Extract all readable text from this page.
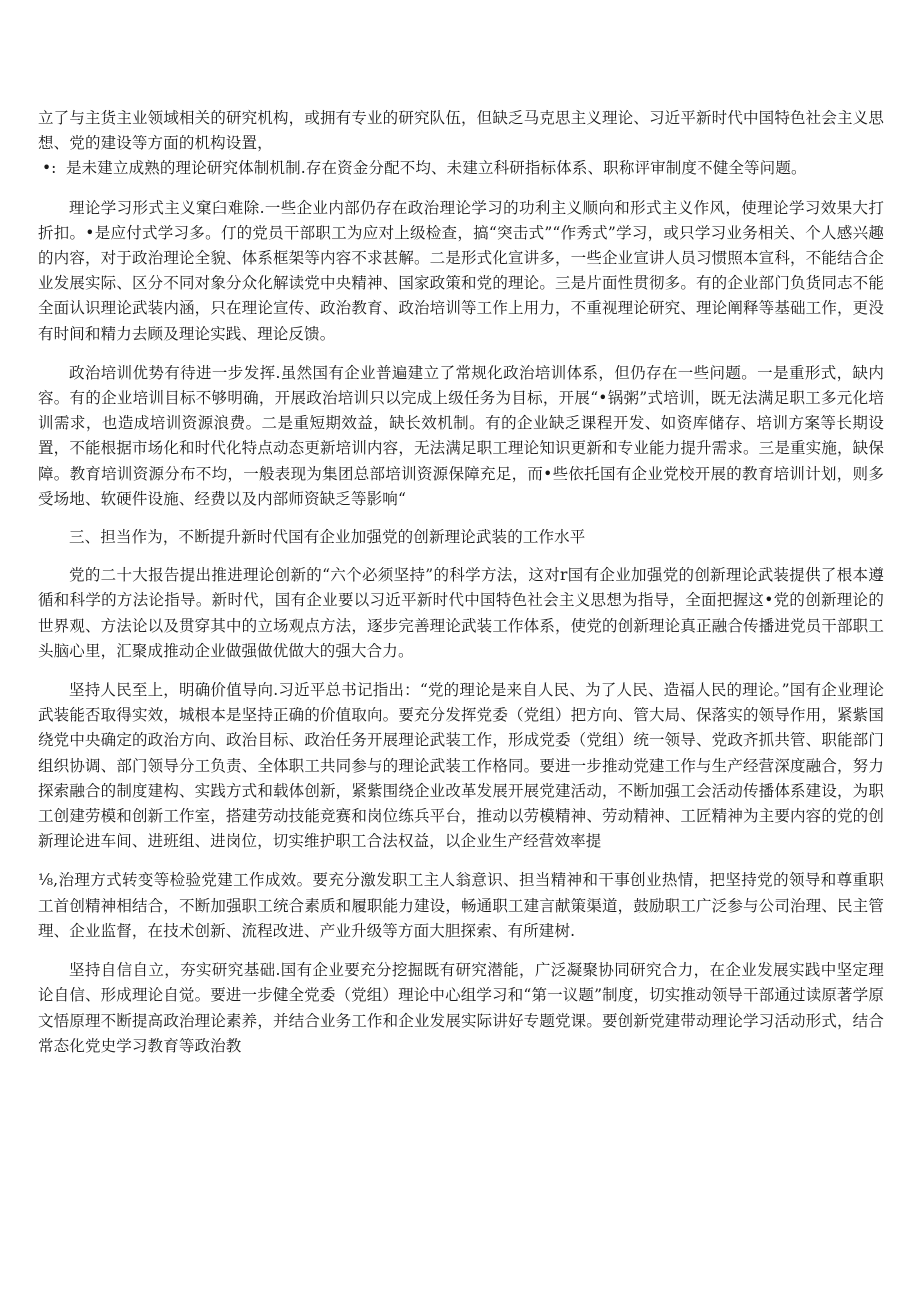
立了与主货主业领域相关的研究机构，或拥有专业的研究队伍，但缺乏马克思主义理论、习近平新时代中国特色社会主义思想、党的建设等方面的机构设置，

•: 是未建立成熟的理论研究体制机制.存在资金分配不均、未建立科研指标体系、职称评审制度不健全等问题。

理论学习形式主义窠臼难除.一些企业内部仍存在政治理论学习的功利主义顺向和形式主义作风，使理论学习效果大打折扣。•是应付式学习多。仃的党员干部职工为应对上级检查，搞“突击式”“作秀式”学习，或只学习业务相关、个人感兴趣的内容，对于政治理论全貌、体系框架等内容不求甚解。二是形式化宣讲多，一些企业宣讲人员习惯照本宣科，不能结合企业发展实际、区分不同对象分众化解读党中央精神、国家政策和党的理论。三是片面性贯彻多。有的企业部门负货同志不能全面认识理论武装内涵，只在理论宣传、政治教育、政治培训等工作上用力，不重视理论研究、理论阐释等基础工作，更没有时间和精力去顾及理论实践、理论反馈。

政治培训优势有待进一步发挥.虽然国有企业普遍建立了常规化政治培训体系，但仍存在一些问题。一是重形式，缺内容。有的企业培训目标不够明确，开展政治培训只以完成上级任务为目标，开展“•锅粥”式培训，既无法满足职工多元化培训需求，也造成培训资源浪费。二是重短期效益，缺长效机制。有的企业缺乏课程开发、如资库储存、培训方案等长期设置，不能根据市场化和时代化特点动态更新培训内容，无法满足职工理论知识更新和专业能力提升需求。三是重实施，缺保障。教育培训资源分布不均，一般表现为集团总部培训资源保障充足，而•些依托国有企业党校开展的教育培训计划，则多受场地、软硬件设施、经费以及内部师资缺乏等影响“

三、担当作为，不断提升新时代国有企业加强党的创新理论武装的工作水平

党的二十大报告提出推进理论创新的“六个必须坚持”的科学方法，这对r国有企业加强党的创新理论武装提供了根本遵循和科学的方法论指导。新时代，国有企业要以习近平新时代中国特色社会主义思想为指导，全面把握这•党的创新理论的世界观、方法论以及贯穿其中的立场观点方法，逐步完善理论武装工作体系，使党的创新理论真正融合传播进党员干部职工头脑心里，汇聚成推动企业做强做优做大的强大合力。

坚持人民至上，明确价值导向.习近平总书记指出：“党的理论是来自人民、为了人民、造福人民的理论。”国有企业理论武装能否取得实效，城根本是坚持正确的价值取向。要充分发挥党委（党组）把方向、管大局、保落实的领导作用，紧紫国绕党中央确定的政治方向、政治目标、政治任务开展理论武装工作，形成党委（党组）统一领导、党政齐抓共管、职能部门组织协调、部门领导分工负责、全体职工共同参与的理论武装工作格同。要进一步推动党建工作与生产经营深度融合，努力探索融合的制度建构、实践方式和载体创新，紧紫围绕企业改革发展开展党建活动，不断加强工会活动传播体系建设，为职工创建劳模和创新工作室，搭建劳动技能竞赛和岗位练兵平台，推动以劳模精神、劳动精神、工匠精神为主要内容的党的创新理论进车间、进班组、进岗位，切实维护职工合法权益，以企业生产经营效率提

⅛,治理方式转变等检验党建工作成效。要充分激发职工主人翁意识、担当精神和干事创业热情，把坚持党的领导和尊重职工首创精神相结合，不断加强职工统合素质和履职能力建设，畅通职工建言献策渠道，鼓励职工广泛参与公司治理、民主管理、企业监督，在技术创新、流程改进、产业升级等方面大胆探索、有所建树.

坚持自信自立，夯实研究基础.国有企业要充分挖掘既有研究潜能，广泛凝聚协同研究合力，在企业发展实践中坚定理论自信、形成理论自觉。要进一步健全党委（党组）理论中心组学习和“第一议题”制度，切实推动领导干部通过读原著学原文悟原理不断提高政治理论素养，并结合业务工作和企业发展实际讲好专题党课。要创新党建带动理论学习活动形式，结合常态化党史学习教育等政治教
